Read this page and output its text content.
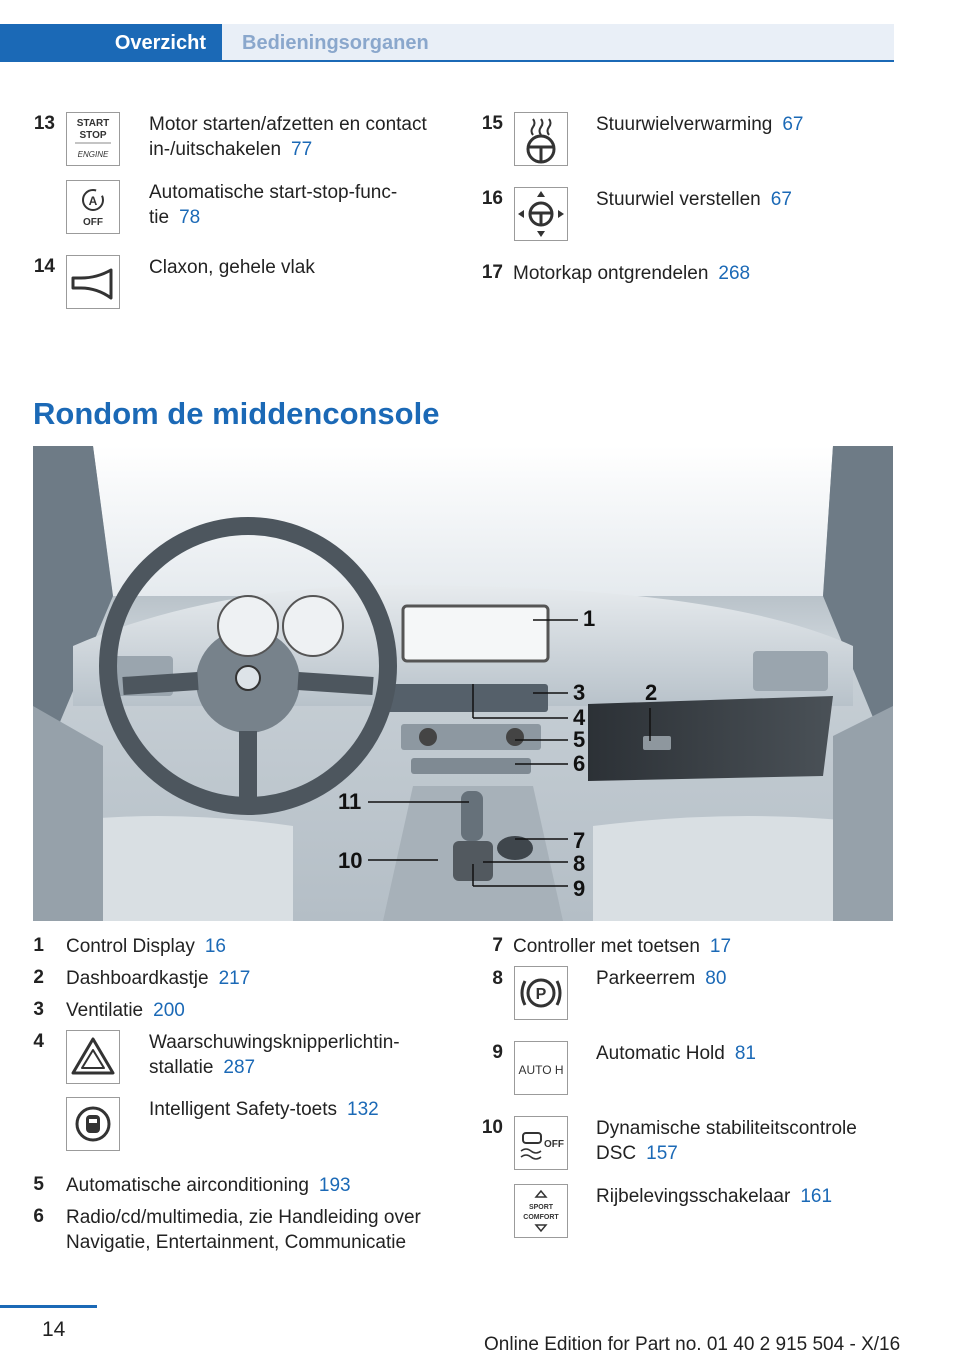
Overzicht	Bedieningsorganen
13 START
STOP
ENGINE
Motor starten/afzetten en contact
in-/uitschakelen 77
A
OFF
Automatische start-stop-func-
tie 78
14	Claxon, gehele vlak
15	Stuurwielverwarming 67
16	Stuurwiel verstellen 67
17 Motorkap ontgrendelen 268
Rondom de middenconsole
1
2
3
4
5
6
7
8
9
10
11
1 Control Display 16
2 Dashboardkastje 217
3 Ventilatie 200
4	Waarschuwingsknipperlichtin-
stallatie 287
Intelligent Safety-toets 132
5 Automatische airconditioning 193
6 Radio/cd/multimedia, zie Handleiding over
Navigatie, Entertainment, Communicatie
7 Controller met toetsen 17
8
P
Parkeerrem 80
9
AUTO H
Automatic Hold 81
10
OFF
Dynamische stabiliteitscontrole
DSC 157
SPORT
COMFORT
Rijbelevingsschakelaar 161
14
Online Edition for Part no. 01 40 2 915 504 - X/16
